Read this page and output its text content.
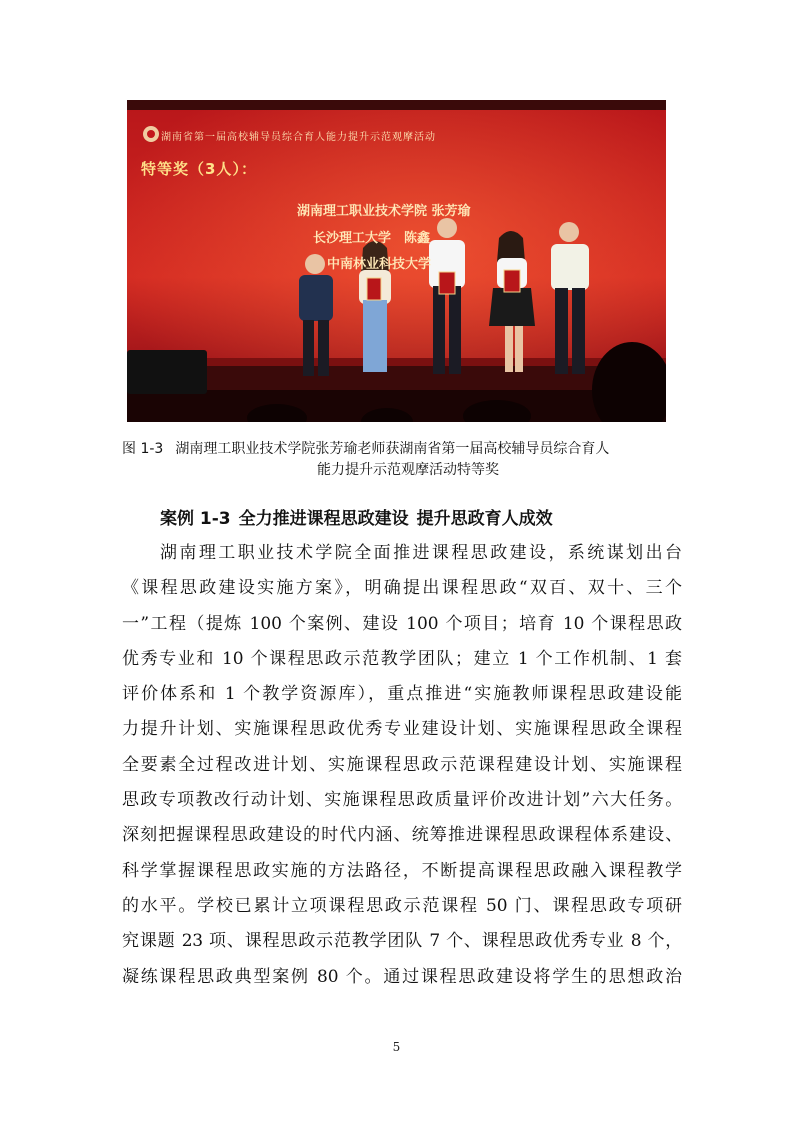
湖南省第一届高校辅导员综合育人能力提升示范观摩活动
特等奖（3人）：
湖南理工职业技术学院 张芳瑜
长沙理工大学　陈鑫
中南林业科技大学
图 1-3 湖南理工职业技术学院张芳瑜老师获湖南省第一届高校辅导员综合育人
能力提升示范观摩活动特等奖
案例 1-3 全力推进课程思政建设 提升思政育人成效
湖南理工职业技术学院全面推进课程思政建设，系统谋划出台
《课程思政建设实施方案》，明确提出课程思政“双百、双十、三个
一”工程（提炼 100 个案例、建设 100 个项目；培育 10 个课程思政
优秀专业和 10 个课程思政示范教学团队；建立 1 个工作机制、1 套
评价体系和 1 个教学资源库），重点推进“实施教师课程思政建设能
力提升计划、实施课程思政优秀专业建设计划、实施课程思政全课程
全要素全过程改进计划、实施课程思政示范课程建设计划、实施课程
思政专项教改行动计划、实施课程思政质量评价改进计划”六大任务。
深刻把握课程思政建设的时代内涵、统筹推进课程思政课程体系建设、
科学掌握课程思政实施的方法路径，不断提高课程思政融入课程教学
的水平。学校已累计立项课程思政示范课程 50 门、课程思政专项研
究课题 23 项、课程思政示范教学团队 7 个、课程思政优秀专业 8 个，
凝练课程思政典型案例 80 个。通过课程思政建设将学生的思想政治
5
